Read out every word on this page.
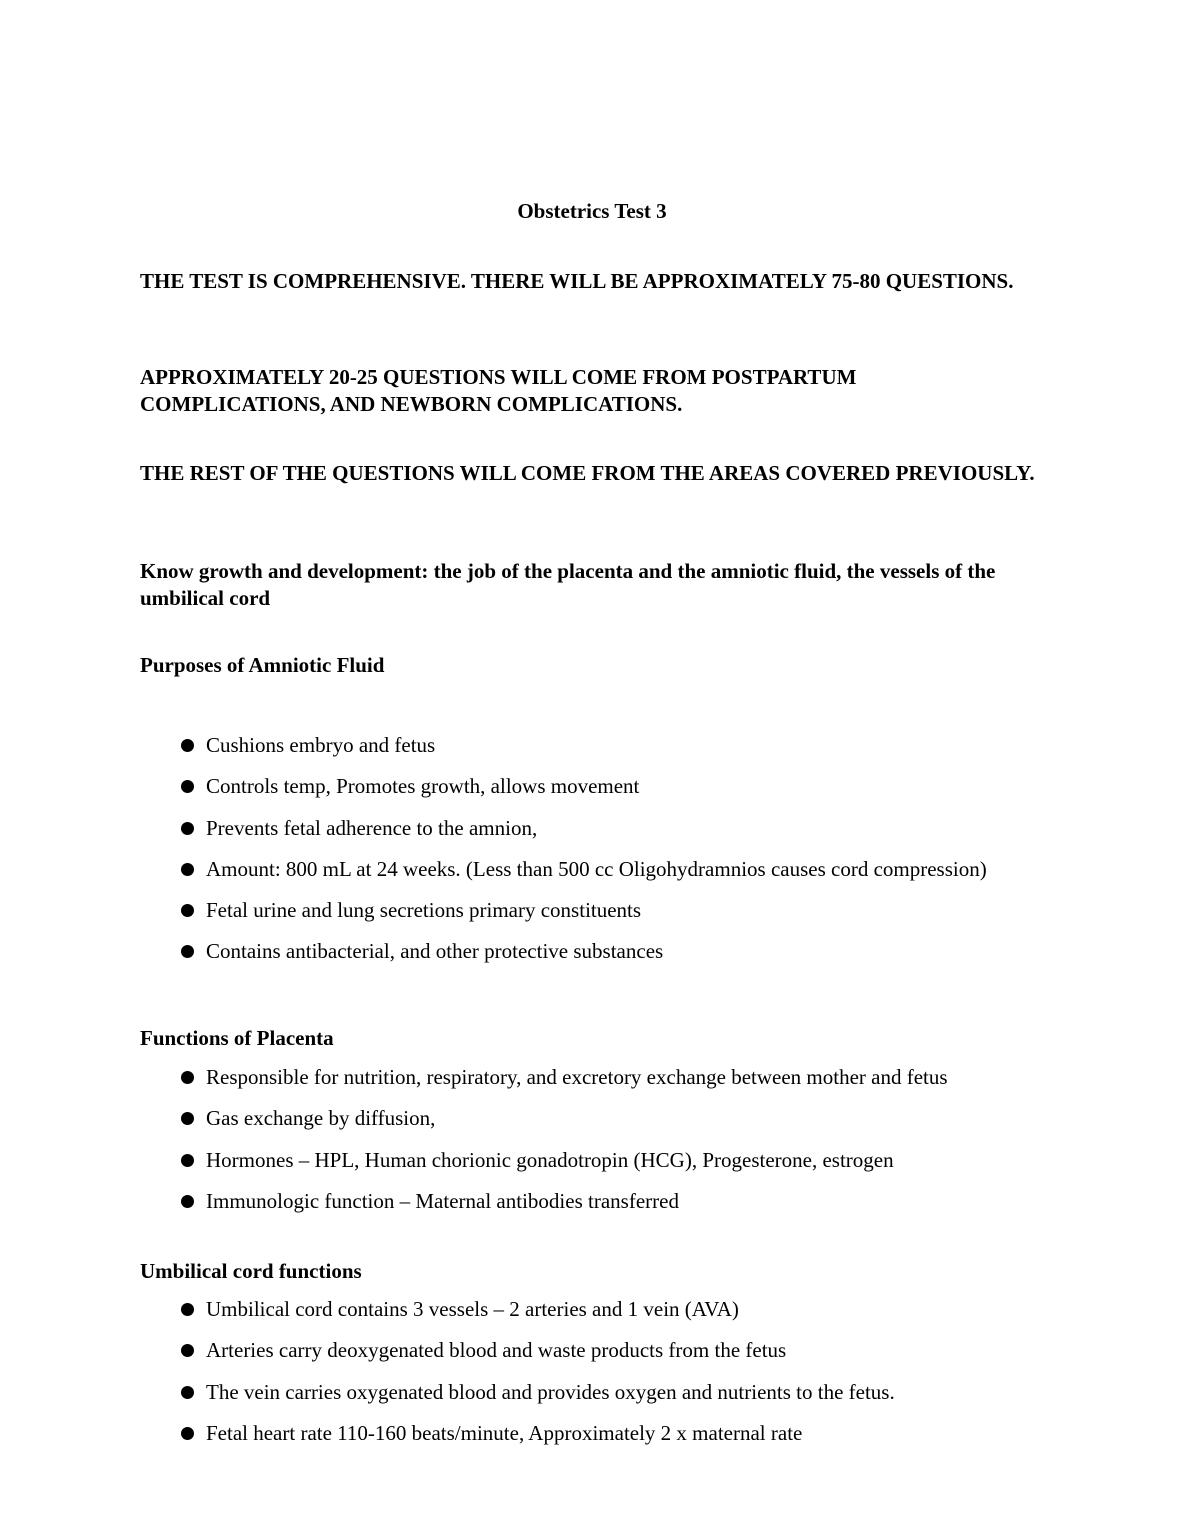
Obstetrics Test 3
THE TEST IS COMPREHENSIVE. THERE WILL BE APPROXIMATELY 75-80 QUESTIONS.
APPROXIMATELY 20-25 QUESTIONS WILL COME FROM POSTPARTUM COMPLICATIONS, AND NEWBORN COMPLICATIONS.
THE REST OF THE QUESTIONS WILL COME FROM THE AREAS COVERED PREVIOUSLY.
Know growth and development: the job of the placenta and the amniotic fluid, the vessels of the umbilical cord
Purposes of Amniotic Fluid
Cushions embryo and fetus
Controls temp, Promotes growth, allows movement
Prevents fetal adherence to the amnion,
Amount: 800 mL at 24 weeks. (Less than 500 cc Oligohydramnios causes cord compression)
Fetal urine and lung secretions primary constituents
Contains antibacterial, and other protective substances
Functions of Placenta
Responsible for nutrition, respiratory, and excretory exchange between mother and fetus
Gas exchange by diffusion,
Hormones – HPL, Human chorionic gonadotropin (HCG), Progesterone, estrogen
Immunologic function – Maternal antibodies transferred
Umbilical cord functions
Umbilical cord contains 3 vessels – 2 arteries and 1 vein (AVA)
Arteries carry deoxygenated blood and waste products from the fetus
The vein carries oxygenated blood and provides oxygen and nutrients to the fetus.
Fetal heart rate 110-160 beats/minute, Approximately 2 x maternal rate
